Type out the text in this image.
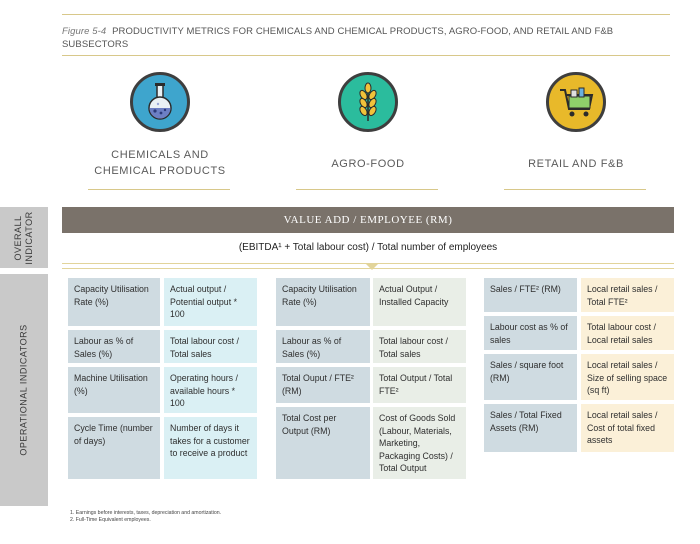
Figure 5-4 PRODUCTIVITY METRICS FOR CHEMICALS AND CHEMICAL PRODUCTS, AGRO-FOOD, AND RETAIL AND F&B SUBSECTORS
CHEMICALS AND
CHEMICAL PRODUCTS
AGRO-FOOD	RETAIL AND F&B
OVERALL INDICATOR
OPERATIONAL INDICATORS
VALUE ADD / EMPLOYEE (RM)
(EBITDA¹ + Total labour cost) / Total number of employees
Capacity Utilisation Rate (%)
Actual output / Potential output * 100
Labour as % of Sales (%)
Total labour cost / Total sales
Machine Utilisation (%)
Operating hours / available hours * 100
Cycle Time (number of days)
Number of days it takes for a customer to receive a product
Capacity Utilisation Rate (%)
Actual Output / Installed Capacity
Labour as % of Sales (%)
Total labour cost / Total sales
Total Ouput / FTE² (RM)
Total Output / Total FTE²
Total Cost per Output (RM)
Cost of Goods Sold (Labour, Materials, Marketing, Packaging Costs) / Total Output
Sales / FTE² (RM)	Local retail sales / Total FTE²
Labour cost as % of sales
Total labour cost / Local retail sales
Sales / square foot (RM)
Local retail sales / Size of selling space (sq ft)
Sales / Total Fixed Assets (RM)
Local retail sales / Cost of total fixed assets
1. Earnings before interests, taxes, depreciation and amortization.
2. Full-Time Equivalent employees.
